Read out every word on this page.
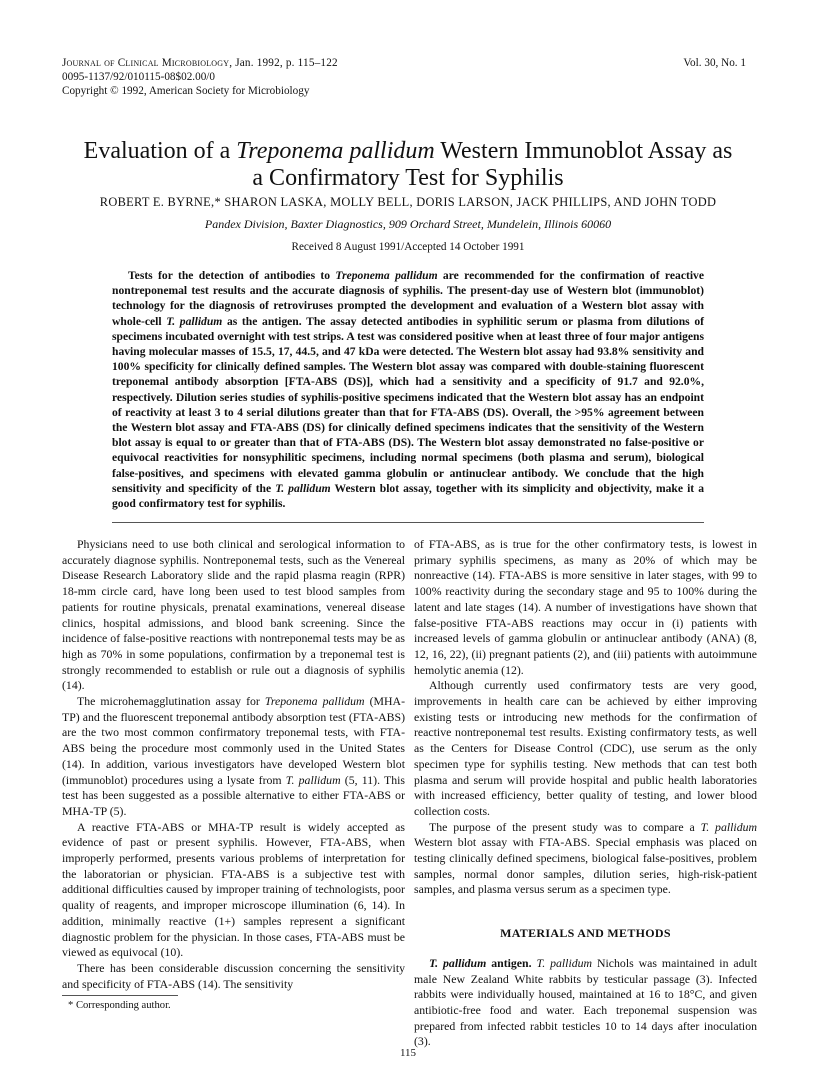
Journal of Clinical Microbiology, Jan. 1992, p. 115–122	Vol. 30, No. 1
0095-1137/92/010115-08$02.00/0
Copyright © 1992, American Society for Microbiology
Evaluation of a Treponema pallidum Western Immunoblot Assay as
a Confirmatory Test for Syphilis
ROBERT E. BYRNE,* SHARON LASKA, MOLLY BELL, DORIS LARSON, JACK PHILLIPS, AND JOHN TODD
Pandex Division, Baxter Diagnostics, 909 Orchard Street, Mundelein, Illinois 60060
Received 8 August 1991/Accepted 14 October 1991
Tests for the detection of antibodies to Treponema pallidum are recommended for the confirmation of reactive nontreponemal test results and the accurate diagnosis of syphilis. The present-day use of Western blot (immunoblot) technology for the diagnosis of retroviruses prompted the development and evaluation of a Western blot assay with whole-cell T. pallidum as the antigen. The assay detected antibodies in syphilitic serum or plasma from dilutions of specimens incubated overnight with test strips. A test was considered positive when at least three of four major antigens having molecular masses of 15.5, 17, 44.5, and 47 kDa were detected. The Western blot assay had 93.8% sensitivity and 100% specificity for clinically defined samples. The Western blot assay was compared with double-staining fluorescent treponemal antibody absorption [FTA-ABS (DS)], which had a sensitivity and a specificity of 91.7 and 92.0%, respectively. Dilution series studies of syphilis-positive specimens indicated that the Western blot assay has an endpoint of reactivity at least 3 to 4 serial dilutions greater than that for FTA-ABS (DS). Overall, the >95% agreement between the Western blot assay and FTA-ABS (DS) for clinically defined specimens indicates that the sensitivity of the Western blot assay is equal to or greater than that of FTA-ABS (DS). The Western blot assay demonstrated no false-positive or equivocal reactivities for nonsyphilitic specimens, including normal specimens (both plasma and serum), biological false-positives, and specimens with elevated gamma globulin or antinuclear antibody. We conclude that the high sensitivity and specificity of the T. pallidum Western blot assay, together with its simplicity and objectivity, make it a good confirmatory test for syphilis.

Physicians need to use both clinical and serological information to accurately diagnose syphilis. Nontreponemal tests, such as the Venereal Disease Research Laboratory slide and the rapid plasma reagin (RPR) 18-mm circle card, have long been used to test blood samples from patients for routine physicals, prenatal examinations, venereal disease clinics, hospital admissions, and blood bank screening. Since the incidence of false-positive reactions with nontreponemal tests may be as high as 70% in some populations, confirmation by a treponemal test is strongly recommended to establish or rule out a diagnosis of syphilis (14).

The microhemagglutination assay for Treponema pallidum (MHA-TP) and the fluorescent treponemal antibody absorption test (FTA-ABS) are the two most common confirmatory treponemal tests, with FTA-ABS being the procedure most commonly used in the United States (14). In addition, various investigators have developed Western blot (immunoblot) procedures using a lysate from T. pallidum (5, 11). This test has been suggested as a possible alternative to either FTA-ABS or MHA-TP (5).

A reactive FTA-ABS or MHA-TP result is widely accepted as evidence of past or present syphilis. However, FTA-ABS, when improperly performed, presents various problems of interpretation for the laboratorian or physician. FTA-ABS is a subjective test with additional difficulties caused by improper training of technologists, poor quality of reagents, and improper microscope illumination (6, 14). In addition, minimally reactive (1+) samples represent a significant diagnostic problem for the physician. In those cases, FTA-ABS must be viewed as equivocal (10).

There has been considerable discussion concerning the sensitivity and specificity of FTA-ABS (14). The sensitivity

of FTA-ABS, as is true for the other confirmatory tests, is lowest in primary syphilis specimens, as many as 20% of which may be nonreactive (14). FTA-ABS is more sensitive in later stages, with 99 to 100% reactivity during the secondary stage and 95 to 100% during the latent and late stages (14). A number of investigations have shown that false-positive FTA-ABS reactions may occur in (i) patients with increased levels of gamma globulin or antinuclear antibody (ANA) (8, 12, 16, 22), (ii) pregnant patients (2), and (iii) patients with autoimmune hemolytic anemia (12).

Although currently used confirmatory tests are very good, improvements in health care can be achieved by either improving existing tests or introducing new methods for the confirmation of reactive nontreponemal test results. Existing confirmatory tests, as well as the Centers for Disease Control (CDC), use serum as the only specimen type for syphilis testing. New methods that can test both plasma and serum will provide hospital and public health laboratories with increased efficiency, better quality of testing, and lower blood collection costs.

The purpose of the present study was to compare a T. pallidum Western blot assay with FTA-ABS. Special emphasis was placed on testing clinically defined specimens, biological false-positives, problem samples, normal donor samples, dilution series, high-risk-patient samples, and plasma versus serum as a specimen type.

MATERIALS AND METHODS

T. pallidum antigen. T. pallidum Nichols was maintained in adult male New Zealand White rabbits by testicular passage (3). Infected rabbits were individually housed, maintained at 16 to 18°C, and given antibiotic-free food and water. Each treponemal suspension was prepared from infected rabbit testicles 10 to 14 days after inoculation (3).

* Corresponding author.
115
